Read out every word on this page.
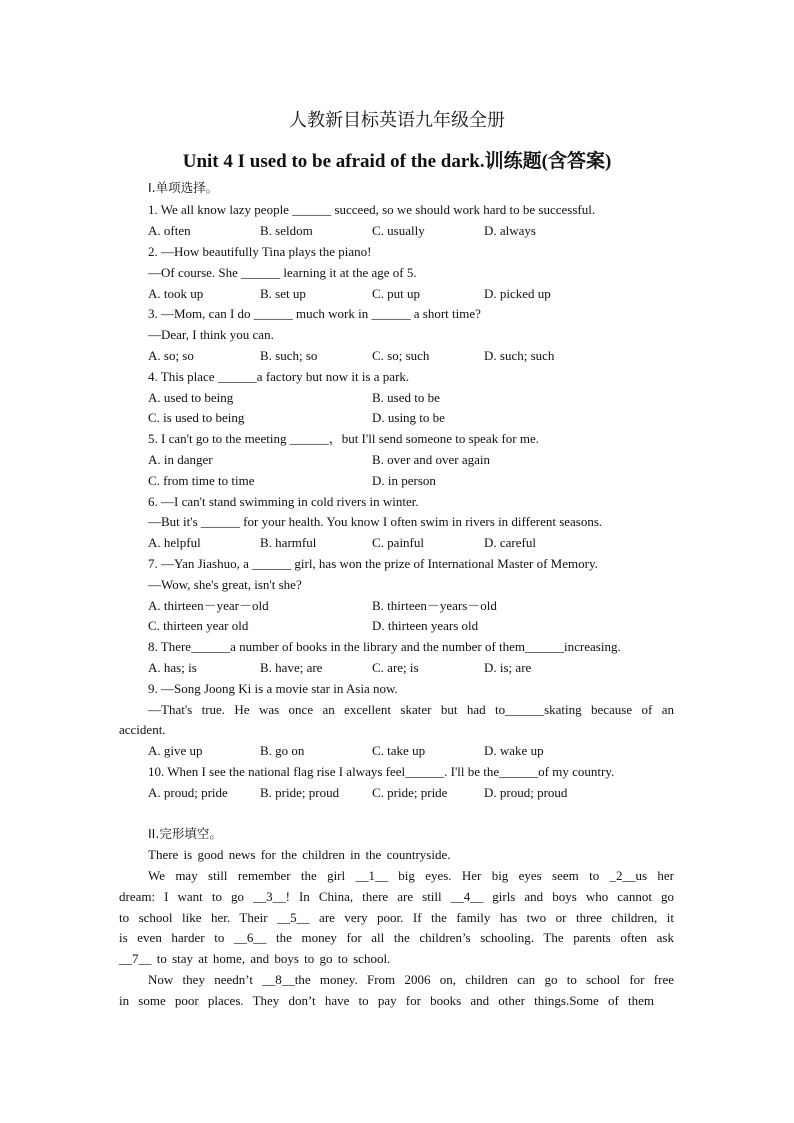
人教新目标英语九年级全册
Unit 4 I used to be afraid of the dark.训练题(含答案)
I.单项选择。
1. We all know lazy people ______ succeed, so we should work hard to be successful.
A. often	B. seldom	C. usually	D. always
2. —How beautifully Tina plays the piano!
—Of course. She ______ learning it at the age of 5.
A. took up	B. set up	C. put up	D. picked up
3. —Mom, can I do ______ much work in ______ a short time?
—Dear, I think you can.
A. so; so	B. such; so	C. so; such	D. such; such
4. This place ______a factory but now it is a park.
A. used to being	B. used to be
C. is used to being	D. using to be
5. I can't go to the meeting ______，but I'll send someone to speak for me.
A. in danger	B. over and over again
C. from time to time	D. in person
6. —I can't stand swimming in cold rivers in winter.
—But it's ______ for your health. You know I often swim in rivers in different seasons.
A. helpful	B. harmful	C. painful	D. careful
7. —Yan Jiashuo, a ______ girl, has won the prize of International Master of Memory.
—Wow, she's great, isn't she?
A. thirteen－year－old	B. thirteen－years－old
C. thirteen year old	D. thirteen years old
8. There______a number of books in the library and the number of them______increasing.
A. has; is	B. have; are	C. are; is	D. is; are
9. —Song Joong Ki is a movie star in Asia now.
—That's true. He was once an excellent skater but had to______skating because of an
accident.
A. give up	B. go on	C. take up	D. wake up
10. When I see the national flag rise I always feel______. I'll be the______of my country.
A. proud; pride B. pride; proud	C. pride; pride	D. proud; proud
II.完形填空。
There is good news for the children in the countryside.
We may still remember the girl __1__ big eyes. Her big eyes seem to _2__us her
dream: I want to go __3__! In China, there are still __4__ girls and boys who cannot go
to school like her. Their __5__ are very poor. If the family has two or three children, it
is even harder to __6__ the money for all the children’s schooling. The parents often ask
__7__ to stay at home, and boys to go to school.
Now they needn’t __8__the money. From 2006 on, children can go to school for free
in some poor places. They don’t have to pay for books and other things.Some of them
